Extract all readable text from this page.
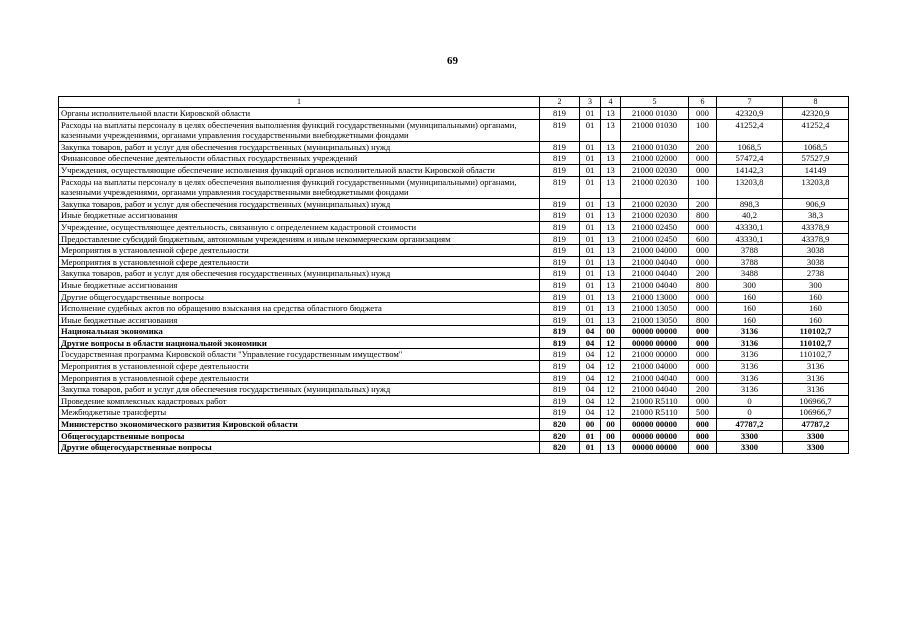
69
1	2	3	4	5	6	7	8
Органы исполнительной власти Кировской области	819	01	13	21000 01030	000	42320,9	42320,9
Расходы на выплаты персоналу в целях обеспечения выполнения функций государственными (муниципальными) органами, казенными учреждениями, органами управления государственными внебюджетными фондами	819	01	13	21000 01030	100	41252,4	41252,4
Закупка товаров, работ и услуг для обеспечения государственных (муниципальных) нужд	819	01	13	21000 01030	200	1068,5	1068,5
Финансовое обеспечение деятельности областных государственных учреждений	819	01	13	21000 02000	000	57472,4	57527,9
Учреждения, осуществляющие обеспечение исполнения функций органов исполнительной власти Кировской области	819	01	13	21000 02030	000	14142,3	14149
Расходы на выплаты персоналу в целях обеспечения выполнения функций государственными (муниципальными) органами, казенными учреждениями, органами управления государственными внебюджетными фондами	819	01	13	21000 02030	100	13203,8	13203,8
Закупка товаров, работ и услуг для обеспечения государственных (муниципальных) нужд	819	01	13	21000 02030	200	898,3	906,9
Иные бюджетные ассигнования	819	01	13	21000 02030	800	40,2	38,3
Учреждение, осуществляющее деятельность, связанную с определением кадастровой стоимости	819	01	13	21000 02450	000	43330,1	43378,9
Предоставление субсидий бюджетным, автономным учреждениям и иным некоммерческим организациям	819	01	13	21000 02450	600	43330,1	43378,9
Мероприятия в установленной сфере деятельности	819	01	13	21000 04000	000	3788	3038
Мероприятия в установленной сфере деятельности	819	01	13	21000 04040	000	3788	3038
Закупка товаров, работ и услуг для обеспечения государственных (муниципальных) нужд	819	01	13	21000 04040	200	3488	2738
Иные бюджетные ассигнования	819	01	13	21000 04040	800	300	300
Другие общегосударственные вопросы	819	01	13	21000 13000	000	160	160
Исполнение судебных актов по обращению взыскания на средства областного бюджета	819	01	13	21000 13050	000	160	160
Иные бюджетные ассигнования	819	01	13	21000 13050	800	160	160
Национальная экономика	819	04	00	00000 00000	000	3136	110102,7
Другие вопросы в области национальной экономики	819	04	12	00000 00000	000	3136	110102,7
Государственная программа Кировской области "Управление государственным имуществом"	819	04	12	21000 00000	000	3136	110102,7
Мероприятия в установленной сфере деятельности	819	04	12	21000 04000	000	3136	3136
Мероприятия в установленной сфере деятельности	819	04	12	21000 04040	000	3136	3136
Закупка товаров, работ и услуг для обеспечения государственных (муниципальных) нужд	819	04	12	21000 04040	200	3136	3136
Проведение комплексных кадастровых работ	819	04	12	21000 R5110	000	0	106966,7
Межбюджетные трансферты	819	04	12	21000 R5110	500	0	106966,7
Министерство экономического развития Кировской области	820	00	00	00000 00000	000	47787,2	47787,2
Общегосударственные вопросы	820	01	00	00000 00000	000	3300	3300
Другие общегосударственные вопросы	820	01	13	00000 00000	000	3300	3300
